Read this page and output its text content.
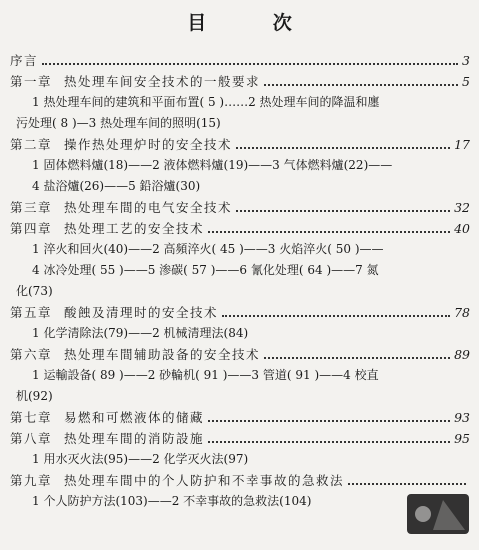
目 次
序言	3
第一章 热处理车间安全技术的一般要求	5
1 热处理车间的建筑和平面布置( 5 )……2 热处理车间的降温和廛
污处理( 8 )—3 热处理车间的照明(15)
第二章 操作热处理炉时的安全技术	17
1 固体燃料爐(18)——2 液体燃料爐(19)——3 气体燃料爐(22)——
4 盐浴爐(26)——5 鉛浴爐(30)
第三章 热处理车間的电气安全技术	32
第四章 热处理工艺的安全技术	40
1 淬火和回火(40)——2 高頻淬火( 45 )——3 火焰淬火( 50 )——
4 冰冷处理( 55 )——5 渗碳( 57 )——6 氰化处理( 64 )——7 氮
化(73)
第五章 酸蝕及清理时的安全技术	78
1 化学清除法(79)——2 机械清理法(84)
第六章 热处理车間辅助設备的安全技术	89
1 运輸設备( 89 )——2 砂輪机( 91 )——3 管道( 91 )——4 校直
机(92)
第七章 易燃和可燃液体的储藏	93
第八章 热处理车間的消防設施	95
1 用水灭火法(95)——2 化学灭火法(97)
第九章 热处理车間中的个人防护和不幸事故的急救法
1 个人防护方法(103)——2 不幸事故的急救法(104)
